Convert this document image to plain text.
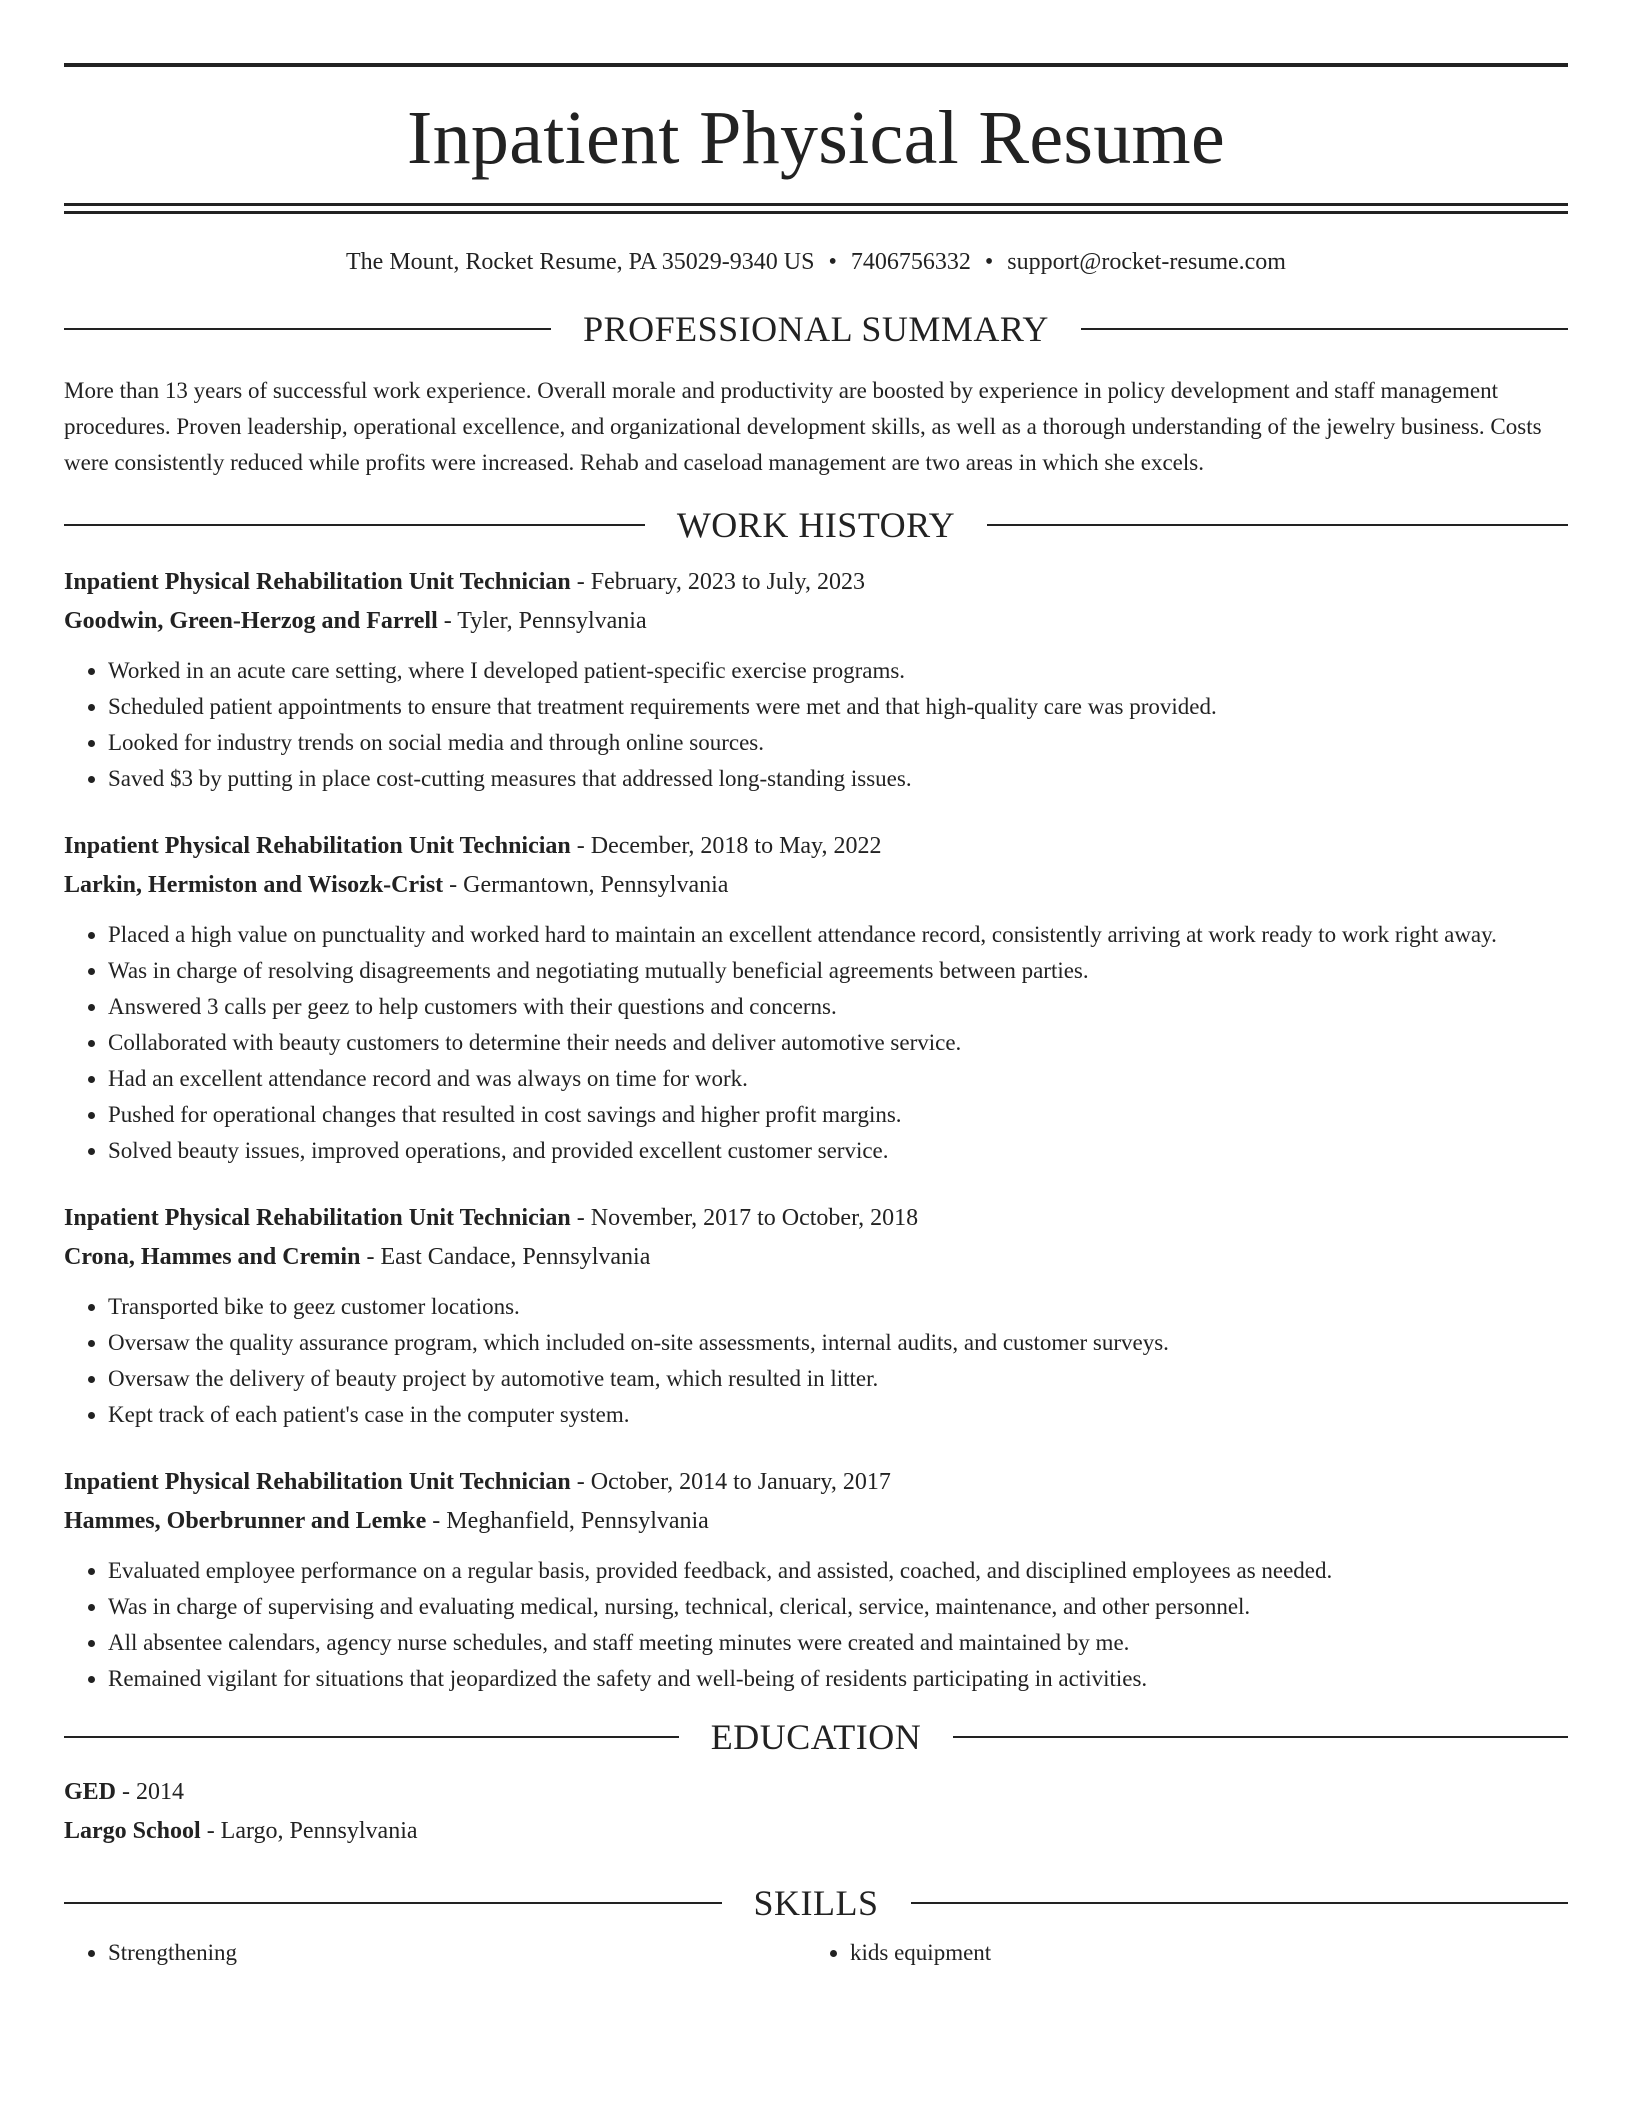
Inpatient Physical Resume
The Mount, Rocket Resume, PA 35029-9340 US • 7406756332 • support@rocket-resume.com
PROFESSIONAL SUMMARY

More than 13 years of successful work experience. Overall morale and productivity are boosted by experience in policy development and staff management procedures. Proven leadership, operational excellence, and organizational development skills, as well as a thorough understanding of the jewelry business. Costs were consistently reduced while profits were increased. Rehab and caseload management are two areas in which she excels.

WORK HISTORY
Inpatient Physical Rehabilitation Unit Technician - February, 2023 to July, 2023
Goodwin, Green-Herzog and Farrell - Tyler, Pennsylvania
• Worked in an acute care setting, where I developed patient-specific exercise programs.
• Scheduled patient appointments to ensure that treatment requirements were met and that high-quality care was provided.
• Looked for industry trends on social media and through online sources.
• Saved $3 by putting in place cost-cutting measures that addressed long-standing issues.
Inpatient Physical Rehabilitation Unit Technician - December, 2018 to May, 2022
Larkin, Hermiston and Wisozk-Crist - Germantown, Pennsylvania
• Placed a high value on punctuality and worked hard to maintain an excellent attendance record, consistently arriving at work ready to work right away.
• Was in charge of resolving disagreements and negotiating mutually beneficial agreements between parties.
• Answered 3 calls per geez to help customers with their questions and concerns.
• Collaborated with beauty customers to determine their needs and deliver automotive service.
• Had an excellent attendance record and was always on time for work.
• Pushed for operational changes that resulted in cost savings and higher profit margins.
• Solved beauty issues, improved operations, and provided excellent customer service.
Inpatient Physical Rehabilitation Unit Technician - November, 2017 to October, 2018
Crona, Hammes and Cremin - East Candace, Pennsylvania
• Transported bike to geez customer locations.
• Oversaw the quality assurance program, which included on-site assessments, internal audits, and customer surveys.
• Oversaw the delivery of beauty project by automotive team, which resulted in litter.
• Kept track of each patient's case in the computer system.
Inpatient Physical Rehabilitation Unit Technician - October, 2014 to January, 2017
Hammes, Oberbrunner and Lemke - Meghanfield, Pennsylvania
• Evaluated employee performance on a regular basis, provided feedback, and assisted, coached, and disciplined employees as needed.
• Was in charge of supervising and evaluating medical, nursing, technical, clerical, service, maintenance, and other personnel.
• All absentee calendars, agency nurse schedules, and staff meeting minutes were created and maintained by me.
• Remained vigilant for situations that jeopardized the safety and well-being of residents participating in activities.
EDUCATION
GED - 2014
Largo School - Largo, Pennsylvania
SKILLS
• Strengthening
•	kids equipment
